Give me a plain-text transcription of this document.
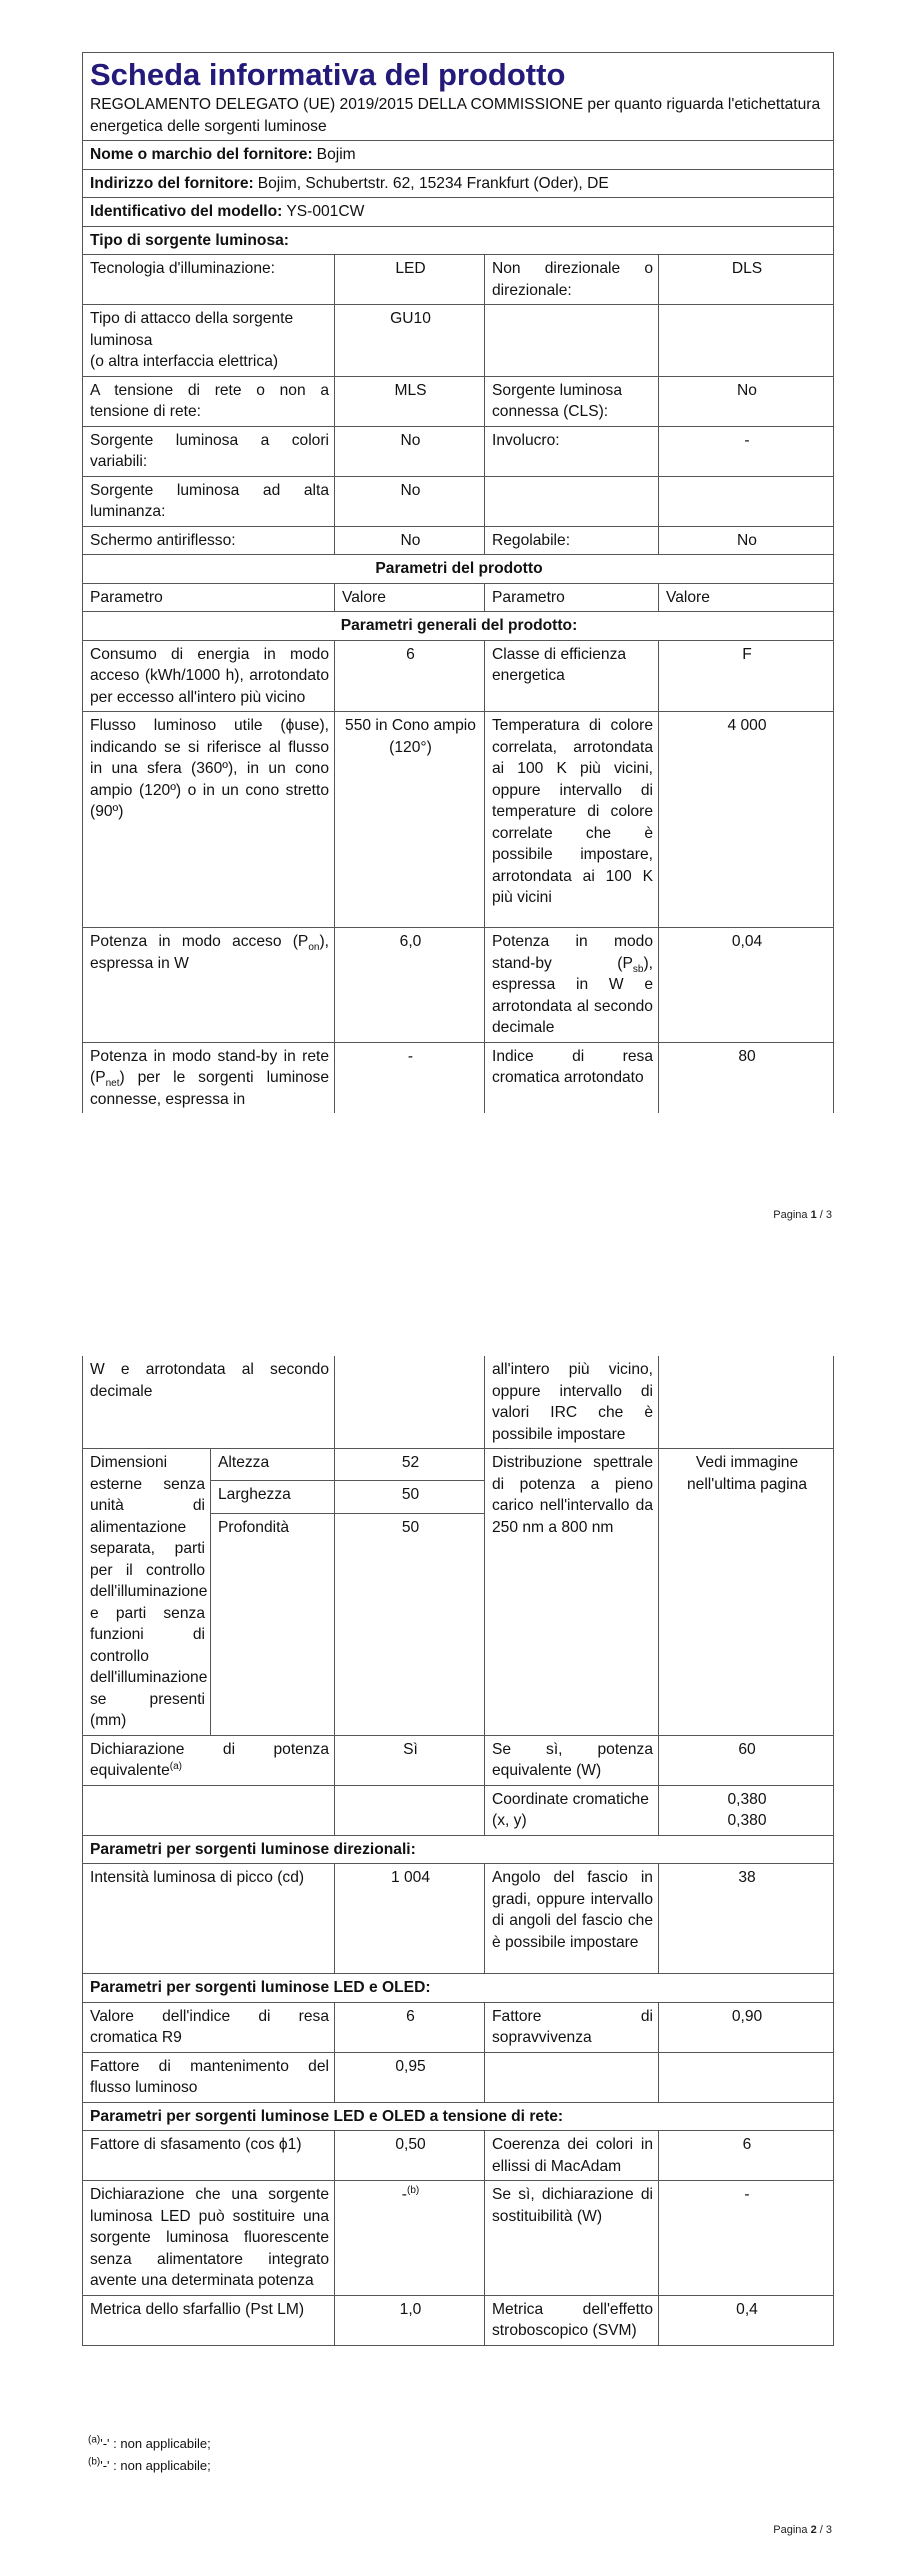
Scheda informativa del prodotto
REGOLAMENTO DELEGATO (UE) 2019/2015 DELLA COMMISSIONE per quanto riguarda l'etichettatura energetica delle sorgenti luminose			

Nome o marchio del fornitore: Bojim			
Indirizzo del fornitore: Bojim, Schubertstr. 62, 15234 Frankfurt (Oder), DE			
Identificativo del modello: YS-001CW			
Tipo di sorgente luminosa:			
Tecnologia d'illuminazione:	LED	Non direzionale o direzionale:	DLS

Tipo di attacco della sorgente luminosa
(o altra interfaccia elettrica)	GU10		
A tensione di rete o non a tensione di rete:	MLS	Sorgente luminosa connessa (CLS):	No
Sorgente luminosa a colori variabili:	No	Involucro:	-
Sorgente luminosa ad alta luminanza:	No		
Schermo antiriflesso:	No	Regolabile:	No
Parametri del prodotto			
Parametro	Valore	Parametro	Valore
Parametri generali del prodotto:			
Consumo di energia in modo acceso (kWh/1000 h), arrotondato per eccesso all'intero più vicino	6	Classe di efficienza energetica	F
Flusso luminoso utile (ϕuse), indicando se si riferisce al flusso in una sfera (360º), in un cono ampio (120º) o in un cono stretto (90º)	550 in Cono ampio (120°)	Temperatura di colore correlata, arrotondata ai 100 K più vicini, oppure intervallo di temperature di colore correlate che è possibile impostare, arrotondata ai 100 K più vicini	4 000
Potenza in modo acceso $(P_{on})$, espressa in W	6,0	Potenza in modo stand-by $(P_{sb})$, espressa in W e arrotondata al secondo decimale	0,04
Potenza in modo stand-by in rete $(P_{net})$ per le sorgenti luminose connesse, espressa in	-	Indice di resa cromatica arrotondato	80
Pagina 1 / 3
W e arrotondata al secondo decimale			all'intero più vicino, oppure intervallo di valori IRC che è possibile impostare	
Dimensioni esterne senza unità di alimentazione separata, parti per il controllo dell'illuminazione e parti senza funzioni di controllo dell'illuminazione se presenti (mm)	Altezza	52	Distribuzione spettrale di potenza a pieno carico nell'intervallo da 250 nm a 800 nm	Vedi immagine nell'ultima pagina
	Larghezza	50		
	Profondità	50		
Dichiarazione di potenza equivalente$^{(a)}$		Sì	Se sì, potenza equivalente (W)	60
			Coordinate cromatiche (x, y)	0,380
0,380

Parametri per sorgenti luminose direzionali:				
Intensità luminosa di picco (cd)		1 004	Angolo del fascio in gradi, oppure intervallo di angoli del fascio che è possibile impostare	38
Parametri per sorgenti luminose LED e OLED:				
Valore dell'indice di resa cromatica R9		6	Fattore di sopravvivenza	0,90
Fattore di mantenimento del flusso luminoso		0,95		
Parametri per sorgenti luminose LED e OLED a tensione di rete:				
Fattore di sfasamento (cos ϕ1)		0,50	Coerenza dei colori in ellissi di MacAdam	6
Dichiarazione che una sorgente luminosa LED può sostituire una sorgente luminosa fluorescente senza alimentatore integrato avente una determinata potenza		-$^{(b)}$	Se sì, dichiarazione di sostituibilità (W)	-
Metrica dello sfarfallio (Pst LM)		1,0	Metrica dell'effetto stroboscopico (SVM)	0,4
$^{(a)}$'-' : non applicabile;
$^{(b)}$'-' : non applicabile;
Pagina 2 / 3
